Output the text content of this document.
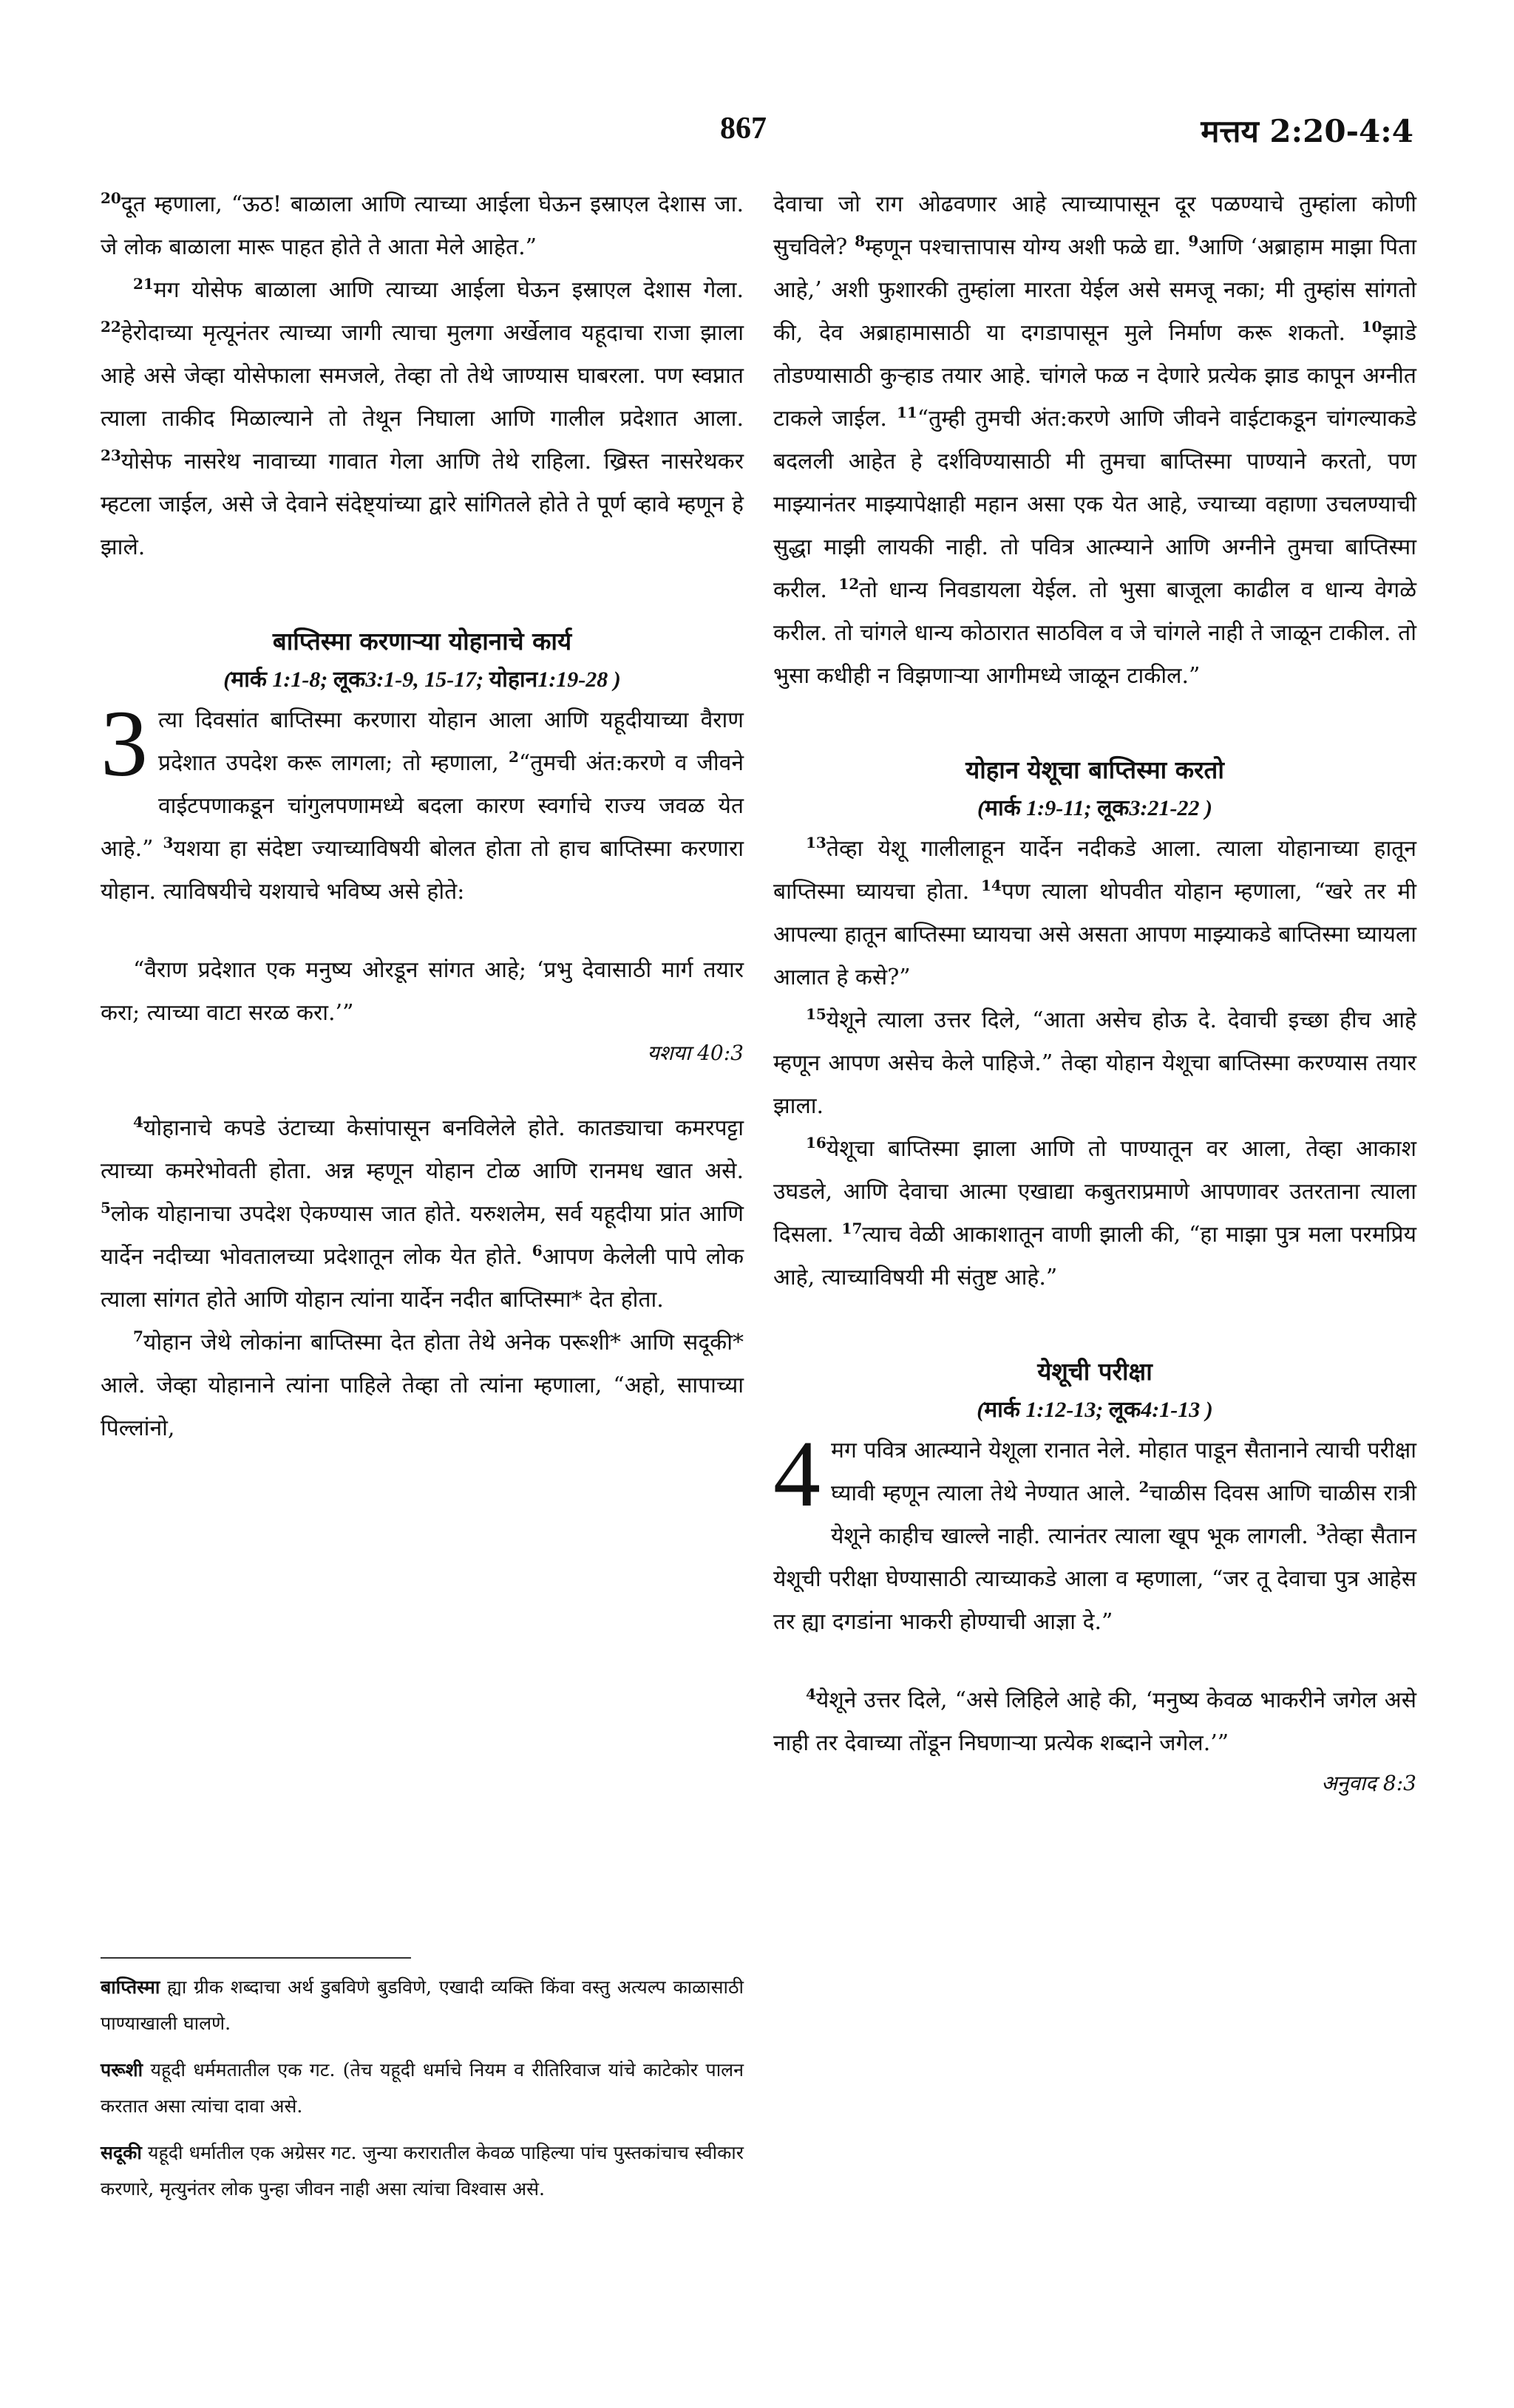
867	मत्तय 2:20-4:4

$^{20}$दूत म्हणाला, “ऊठ! बाळाला आणि त्याच्या आईला घेऊन इस्राएल देशास जा. जे लोक बाळाला मारू पाहत होते ते आता मेले आहेत.”

$^{21}$मग योसेफ बाळाला आणि त्याच्या आईला घेऊन इस्राएल देशास गेला. $^{22}$हेरोदाच्या मृत्यूनंतर त्याच्या जागी त्याचा मुलगा अर्खेलाव यहूदाचा राजा झाला आहे असे जेव्हा योसेफाला समजले, तेव्हा तो तेथे जाण्यास घाबरला. पण स्वप्नात त्याला ताकीद मिळाल्याने तो तेथून निघाला आणि गालील प्रदेशात आला. $^{23}$योसेफ नासरेथ नावाच्या गावात गेला आणि तेथे राहिला. ख्रिस्त नासरेथकर म्हटला जाईल, असे जे देवाने संदेष्ट्यांच्या द्वारे सांगितले होते ते पूर्ण व्हावे म्हणून हे झाले.

बाप्तिस्मा करणाऱ्या योहानाचे कार्य
(मार्क 1:1-8; लूक3:1-9, 15-17; योहान1:19-28 )
3 त्या दिवसांत बाप्तिस्मा करणारा योहान आला आणि यहूदीयाच्या वैराण प्रदेशात उपदेश करू लागला; तो म्हणाला, $^2$“तुमची अंत:करणे व जीवने वाईटपणाकडून चांगुलपणामध्ये बदला कारण स्वर्गाचे राज्य जवळ येत आहे.” $^3$यशया हा संदेष्टा ज्याच्याविषयी बोलत होता तो हाच बाप्तिस्मा करणारा योहान. त्याविषयीचे यशयाचे भविष्य असे होते:

“वैराण प्रदेशात एक मनुष्य ओरडून सांगत आहे; ‘प्रभु देवासाठी मार्ग तयार करा; त्याच्या वाटा सरळ करा.’”

यशया 40:3

$^4$योहानाचे कपडे उंटाच्या केसांपासून बनविलेले होते. कातड्याचा कमरपट्टा त्याच्या कमरेभोवती होता. अन्न म्हणून योहान टोळ आणि रानमध खात असे. $^5$लोक योहानाचा उपदेश ऐकण्यास जात होते. यरुशलेम, सर्व यहूदीया प्रांत आणि यार्देन नदीच्या भोवतालच्या प्रदेशातून लोक येत होते. $^6$आपण केलेली पापे लोक त्याला सांगत होते आणि योहान त्यांना यार्देन नदीत बाप्तिस्मा* देत होता.

$^7$योहान जेथे लोकांना बाप्तिस्मा देत होता तेथे अनेक परूशी* आणि सदूकी* आले. जेव्हा योहानाने त्यांना पाहिले तेव्हा तो त्यांना म्हणाला, “अहो, सापाच्या पिल्लांनो,

बाप्तिस्मा ह्या ग्रीक शब्दाचा अर्थ डुबविणे बुडविणे, एखादी व्यक्ति किंवा वस्तु अत्यल्प काळासाठी पाण्याखाली घालणे.

परूशी यहूदी धर्ममतातील एक गट. (तेच यहूदी धर्माचे नियम व रीतिरिवाज यांचे काटेकोर पालन करतात असा त्यांचा दावा असे.

सदूकी यहूदी धर्मातील एक अग्रेसर गट. जुन्या करारातील केवळ पाहिल्या पांच पुस्तकांचाच स्वीकार करणारे, मृत्युनंतर लोक पुन्हा जीवन नाही असा त्यांचा विश्वास असे.

देवाचा जो राग ओढवणार आहे त्याच्यापासून दूर पळण्याचे तुम्हांला कोणी सुचविले? $^8$म्हणून पश्चात्तापास योग्य अशी फळे द्या. $^9$आणि ‘अब्राहाम माझा पिता आहे,’ अशी फुशारकी तुम्हांला मारता येईल असे समजू नका; मी तुम्हांस सांगतो की, देव अब्राहामासाठी या दगडापासून मुले निर्माण करू शकतो. $^{10}$झाडे तोडण्यासाठी कुऱ्हाड तयार आहे. चांगले फळ न देणारे प्रत्येक झाड कापून अग्नीत टाकले जाईल. $^{11}$“तुम्ही तुमची अंत:करणे आणि जीवने वाईटाकडून चांगल्याकडे बदलली आहेत हे दर्शविण्यासाठी मी तुमचा बाप्तिस्मा पाण्याने करतो, पण माझ्यानंतर माझ्यापेक्षाही महान असा एक येत आहे, ज्याच्या वहाणा उचलण्याची सुद्धा माझी लायकी नाही. तो पवित्र आत्म्याने आणि अग्नीने तुमचा बाप्तिस्मा करील. $^{12}$तो धान्य निवडायला येईल. तो भुसा बाजूला काढील व धान्य वेगळे करील. तो चांगले धान्य कोठारात साठविल व जे चांगले नाही ते जाळून टाकील. तो भुसा कधीही न विझणाऱ्या आगीमध्ये जाळून टाकील.”

योहान येशूचा बाप्तिस्मा करतो
(मार्क 1:9-11; लूक3:21-22 )

$^{13}$तेव्हा येशू गालीलाहून यार्देन नदीकडे आला. त्याला योहानाच्या हातून बाप्तिस्मा घ्यायचा होता. $^{14}$पण त्याला थोपवीत योहान म्हणाला, “खरे तर मी आपल्या हातून बाप्तिस्मा घ्यायचा असे असता आपण माझ्याकडे बाप्तिस्मा घ्यायला आलात हे कसे?”

$^{15}$येशूने त्याला उत्तर दिले, “आता असेच होऊ दे. देवाची इच्छा हीच आहे म्हणून आपण असेच केले पाहिजे.” तेव्हा योहान येशूचा बाप्तिस्मा करण्यास तयार झाला.

$^{16}$येशूचा बाप्तिस्मा झाला आणि तो पाण्यातून वर आला, तेव्हा आकाश उघडले, आणि देवाचा आत्मा एखाद्या कबुतराप्रमाणे आपणावर उतरताना त्याला दिसला. $^{17}$त्याच वेळी आकाशातून वाणी झाली की, “हा माझा पुत्र मला परमप्रिय आहे, त्याच्याविषयी मी संतुष्ट आहे.”

येशूची परीक्षा
(मार्क 1:12-13; लूक4:1-13 )
4 मग पवित्र आत्म्याने येशूला रानात नेले. मोहात पाडून सैतानाने त्याची परीक्षा घ्यावी म्हणून त्याला तेथे नेण्यात आले. $^2$चाळीस दिवस आणि चाळीस रात्री येशूने काहीच खाल्ले नाही. त्यानंतर त्याला खूप भूक लागली. $^3$तेव्हा सैतान येशूची परीक्षा घेण्यासाठी त्याच्याकडे आला व म्हणाला, “जर तू देवाचा पुत्र आहेस तर ह्या दगडांना भाकरी होण्याची आज्ञा दे.”

$^4$येशूने उत्तर दिले, “असे लिहिले आहे की, ‘मनुष्य केवळ भाकरीने जगेल असे नाही तर देवाच्या तोंडून निघणाऱ्या प्रत्येक शब्दाने जगेल.’”

अनुवाद 8:3
